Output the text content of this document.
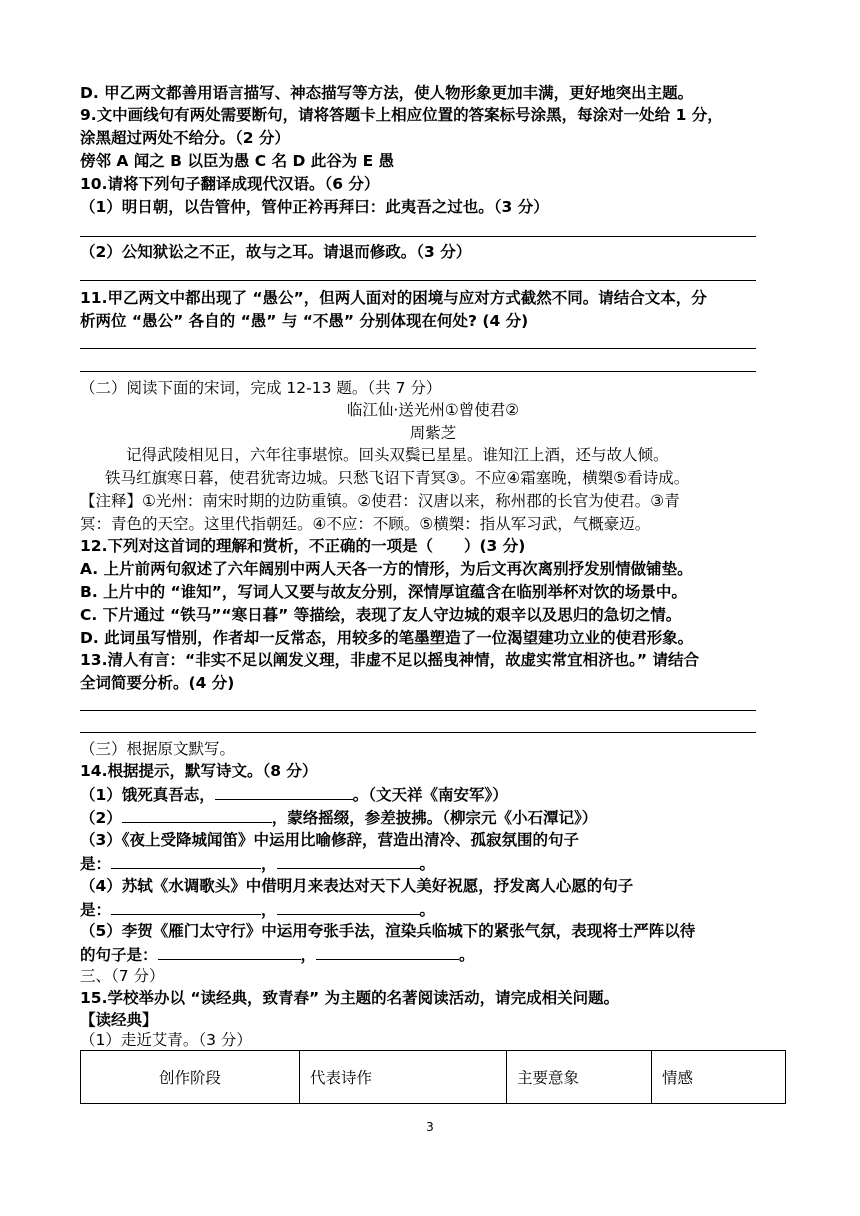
D. 甲乙两文都善用语言描写、神态描写等方法，使人物形象更加丰满，更好地突出主题。
9.文中画线句有两处需要断句，请将答题卡上相应位置的答案标号涂黑，每涂对一处给 1 分，
涂黑超过两处不给分。（2 分）
傍邻 A 闻之 B 以臣为愚 C 名 D 此谷为 E 愚
10.请将下列句子翻译成现代汉语。（6 分）
（1）明日朝，以告管仲，管仲正衿再拜曰：此夷吾之过也。（3 分）
（2）公知狱讼之不正，故与之耳。请退而修政。（3 分）
11.甲乙两文中都出现了 “愚公”，但两人面对的困境与应对方式截然不同。请结合文本，分
析两位 “愚公” 各自的 “愚” 与 “不愚” 分别体现在何处? (4 分)
（二）阅读下面的宋词，完成 12-13 题。（共 7 分）
临江仙·送光州①曾使君②
周紫芝
记得武陵相见日，六年往事堪惊。回头双鬓已星星。谁知江上酒，还与故人倾。
铁马红旗寒日暮，使君犹寄边城。只愁飞诏下青冥③。不应④霜塞晚，横槊⑤看诗成。
【注释】①光州：南宋时期的边防重镇。②使君：汉唐以来，称州郡的长官为使君。③青
冥：青色的天空。这里代指朝廷。④不应：不顾。⑤横槊：指从军习武，气概豪迈。
12.下列对这首词的理解和赏析，不正确的一项是（　　）(3 分)
A. 上片前两句叙述了六年阔别中两人天各一方的情形，为后文再次离别抒发别情做铺垫。
B. 上片中的 “谁知”，写词人又要与故友分别，深情厚谊蕴含在临别举杯对饮的场景中。
C. 下片通过 “铁马”“寒日暮” 等描绘，表现了友人守边城的艰辛以及思归的急切之情。
D. 此词虽写惜别，作者却一反常态，用较多的笔墨塑造了一位渴望建功立业的使君形象。
13.清人有言：“非实不足以阐发义理，非虚不足以摇曳神情，故虚实常宜相济也。” 请结合
全词简要分析。(4 分)
（三）根据原文默写。
14.根据提示，默写诗文。（8 分）
（1）饿死真吾志，	。（文天祥《南安军》）
（2）	，蒙络摇缀，参差披拂。（柳宗元《小石潭记》）
（3）《夜上受降城闻笛》中运用比喻修辞，营造出清冷、孤寂氛围的句子
是：	，	。
（4）苏轼《水调歌头》中借明月来表达对天下人美好祝愿，抒发离人心愿的句子
是：	，	。
（5）李贺《雁门太守行》中运用夸张手法，渲染兵临城下的紧张气氛，表现将士严阵以待
的句子是：	，	。
三、（7 分）
15.学校举办以 “读经典，致青春” 为主题的名著阅读活动，请完成相关问题。
【读经典】
（1）走近艾青。（3 分）
创作阶段	代表诗作	主要意象	情感
3
